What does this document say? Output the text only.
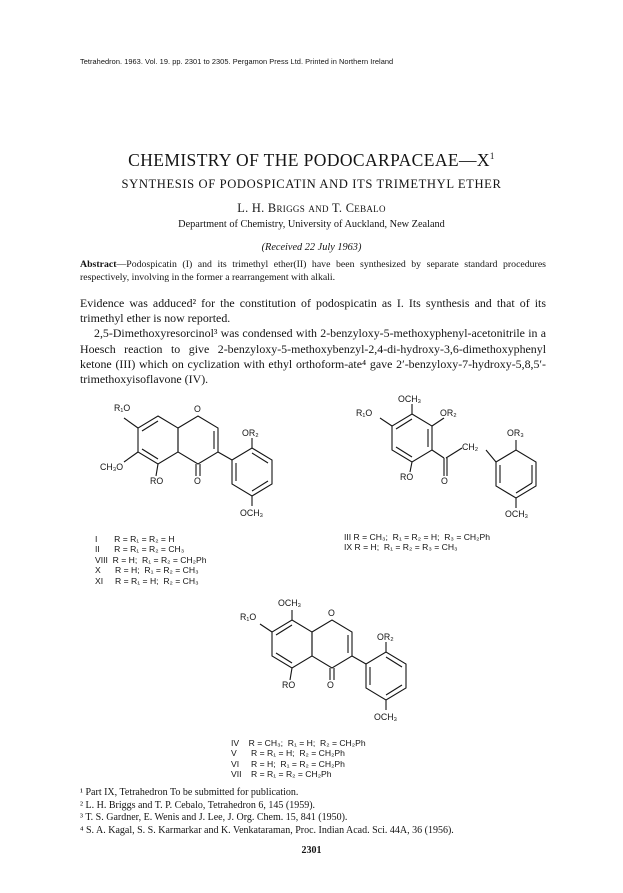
Tetrahedron. 1963. Vol. 19. pp. 2301 to 2305. Pergamon Press Ltd. Printed in Northern Ireland
CHEMISTRY OF THE $PODOCARPACEAE—X^1$
SYNTHESIS OF PODOSPICATIN AND ITS TRIMETHYL ETHER
L. H. Briggs and T. Cebalo
Department of Chemistry, University of Auckland, New Zealand
(Received 22 July 1963)
Abstract—Podospicatin (I) and its trimethyl ether(II) have been synthesized by separate standard procedures respectively, involving in the former a rearrangement with alkali.

Evidence was adduced² for the constitution of podospicatin as I. Its synthesis and that of its trimethyl ether is now reported.

2,5-Dimethoxyresorcinol³ was condensed with 2-benzyloxy-5-methoxyphenyl-acetonitrile in a Hoesch reaction to give 2-benzyloxy-5-methoxybenzyl-2,4-di-hydroxy-3,6-dimethoxyphenyl ketone (III) which on cyclization with ethyl orthoform-ate⁴ gave 2′-benzyloxy-7-hydroxy-5,8,5′-trimethoxyisoflavone (IV).

R₁O
OR₂
CH₃O
RO	O
O
OCH₃
I       R = R₁ = R₂ = H
II      R = R₁ = R₂ = CH₃
VIII  R = H;  R₁ = R₂ = CH₂Ph
X      R = H;  R₁ = R₂ = CH₃
XI     R = R₁ = H;  R₂ = CH₃
OCH₃
R₁O	OR₂
OR₃
CH₂
RO	O
OCH₃
III R = CH₃;  R₁ = R₂ = H;  R₃ = CH₂Ph
IX R = H;  R₁ = R₂ = R₃ = CH₃
OCH₃
R₁O	O
OR₂
RO	O
OCH₃
IV    R = CH₃;  R₁ = H;  R₂ = CH₂Ph
V      R = R₁ = H;  R₂ = CH₂Ph
VI     R = H;  R₁ = R₂ = CH₂Ph
VII    R = R₁ = R₂ = CH₂Ph
¹ Part IX, Tetrahedron To be submitted for publication.
² L. H. Briggs and T. P. Cebalo, Tetrahedron 6, 145 (1959).
³ T. S. Gardner, E. Wenis and J. Lee, J. Org. Chem. 15, 841 (1950).
⁴ S. A. Kagal, S. S. Karmarkar and K. Venkataraman, Proc. Indian Acad. Sci. 44A, 36 (1956).
2301
